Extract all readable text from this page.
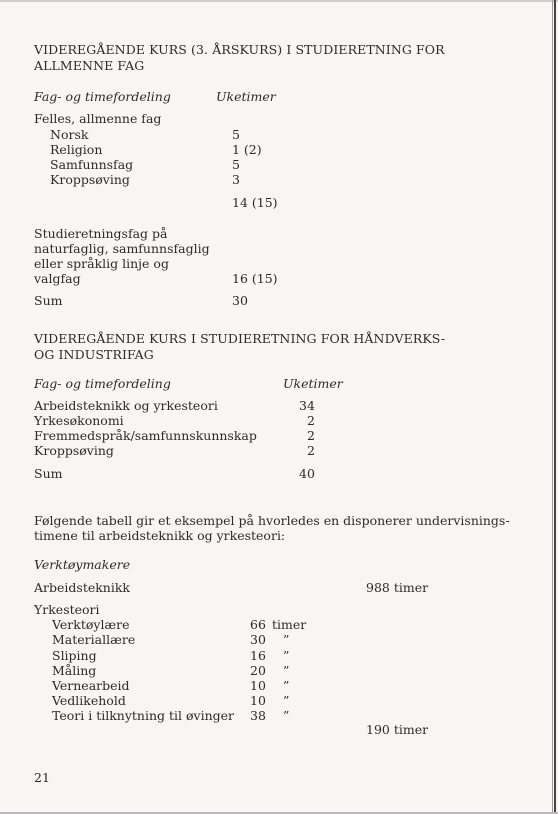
VIDEREGÅENDE KURS (3. ÅRSKURS) I STUDIERETNING FOR
ALLMENNE FAG
Fag- og timefordeling	Uketimer
Felles, allmenne fag
Norsk	5
Religion	1 (2)
Samfunnsfag	5
Kroppsøving	3
14 (15)
Studieretningsfag på
naturfaglig, samfunnsfaglig
eller språklig linje og
valgfag	16 (15)
Sum	30
VIDEREGÅENDE KURS I STUDIERETNING FOR HÅNDVERKS-
OG INDUSTRIFAG
Fag- og timefordeling	Uketimer
Arbeidsteknikk og yrkesteori	34
Yrkesøkonomi	2
Fremmedspråk/samfunnskunnskap	2
Kroppsøving	2
Sum	40
Følgende tabell gir et eksempel på hvorledes en disponerer undervisnings-
timene til arbeidsteknikk og yrkesteori:
Verktøymakere
Arbeidsteknikk	988 timer
Yrkesteori
Verktøylære	66 timer
Materiallære	30 ”
Sliping	16 ”
Måling	20 ”
Vernearbeid	10 ”
Vedlikehold	10 ”
Teori i tilknytning til øvinger 38 ”
190 timer
21
